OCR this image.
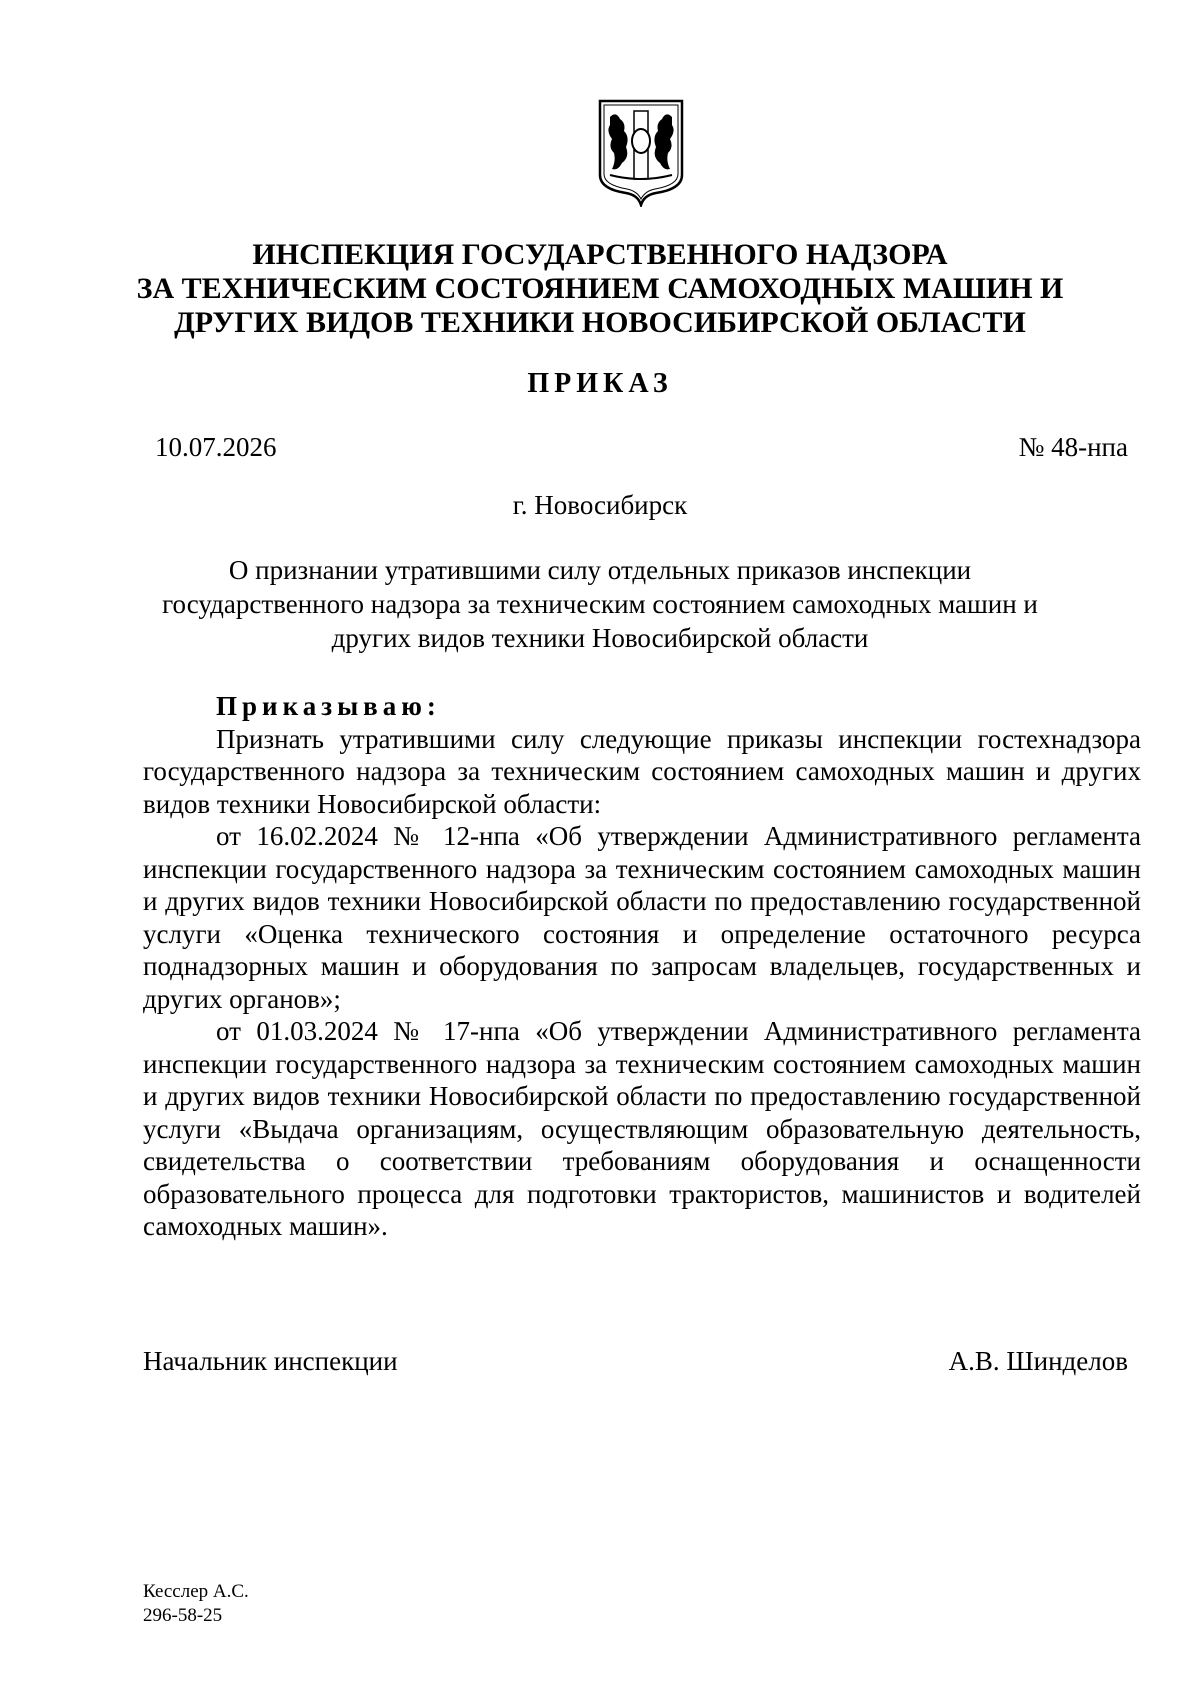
ИНСПЕКЦИЯ ГОСУДАРСТВЕННОГО НАДЗОРА
ЗА ТЕХНИЧЕСКИМ СОСТОЯНИЕМ САМОХОДНЫХ МАШИН И
ДРУГИХ ВИДОВ ТЕХНИКИ НОВОСИБИРСКОЙ ОБЛАСТИ
ПРИКАЗ
10.07.2026	№ 48-нпа
г. Новосибирск
О признании утратившими силу отдельных приказов инспекции
государственного надзора за техническим состоянием самоходных машин и
других видов техники Новосибирской области
Приказываю:

Признать утратившими силу следующие приказы инспекции гостехнадзора государственного надзора за техническим состоянием самоходных машин и других видов техники Новосибирской области:

от 16.02.2024 № 12-нпа «Об утверждении Административного регламента инспекции государственного надзора за техническим состоянием самоходных машин и других видов техники Новосибирской области по предоставлению государственной услуги «Оценка технического состояния и определение остаточного ресурса поднадзорных машин и оборудования по запросам владельцев, государственных и других органов»;

от 01.03.2024 № 17-нпа «Об утверждении Административного регламента инспекции государственного надзора за техническим состоянием самоходных машин и других видов техники Новосибирской области по предоставлению государственной услуги «Выдача организациям, осуществляющим образовательную деятельность, свидетельства о соответствии требованиям оборудования и оснащенности образовательного процесса для подготовки трактористов, машинистов и водителей самоходных машин».

Начальник инспекции	А.В. Шинделов
Кесслер А.С.
296-58-25
